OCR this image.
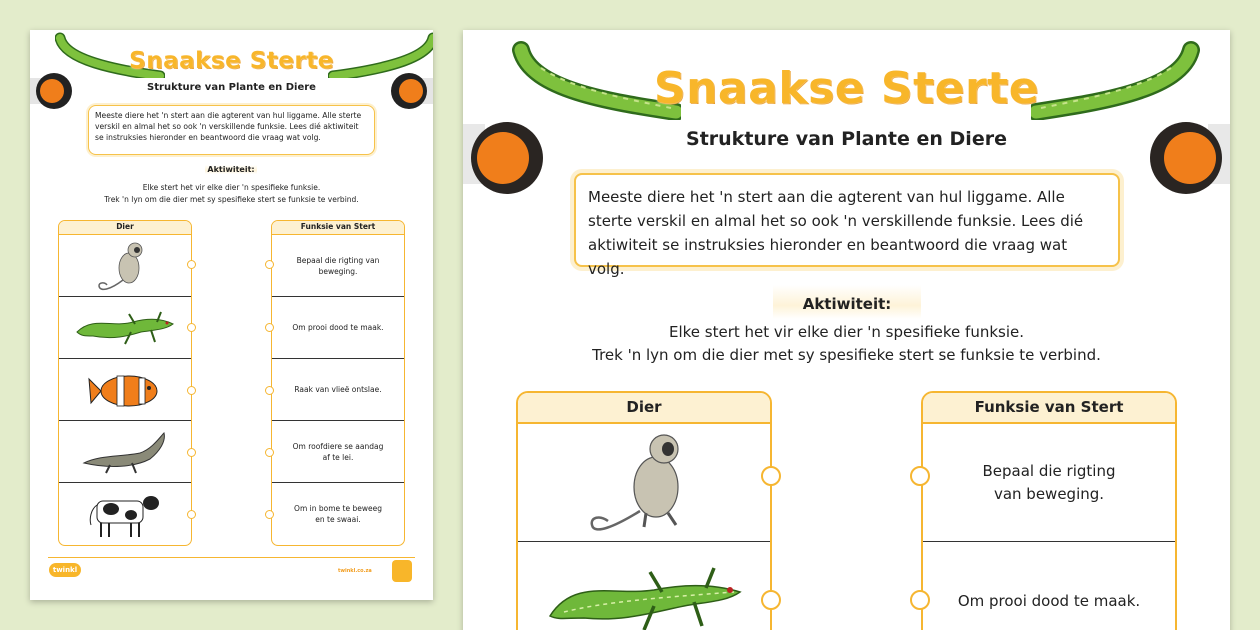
Snaakse Sterte
Strukture van Plante en Diere
Meeste diere het 'n stert aan die agterent van hul liggame. Alle sterte verskil en almal het so ook 'n verskillende funksie. Lees dié aktiwiteit se instruksies hieronder en beantwoord die vraag wat volg.
Aktiwiteit:
Elke stert het vir elke dier 'n spesifieke funksie.
Trek 'n lyn om die dier met sy spesifieke stert se funksie te verbind.
Dier	Funksie van Stert
Bepaal die rigting van beweging.
Om prooi dood te maak.
Raak van vlieë ontslae.
Om roofdiere se aandag af te lei.
Om in bome te beweeg en te swaai.
twinkl	twinkl.co.za
Snaakse Sterte
Strukture van Plante en Diere
Meeste diere het 'n stert aan die agterent van hul liggame. Alle sterte verskil en almal het so ook 'n verskillende funksie. Lees dié aktiwiteit se instruksies hieronder en beantwoord die vraag wat volg.
Aktiwiteit:
Elke stert het vir elke dier 'n spesifieke funksie.
Trek 'n lyn om die dier met sy spesifieke stert se funksie te verbind.
Dier	Funksie van Stert
Bepaal die rigting van beweging.
Om prooi dood te maak.
